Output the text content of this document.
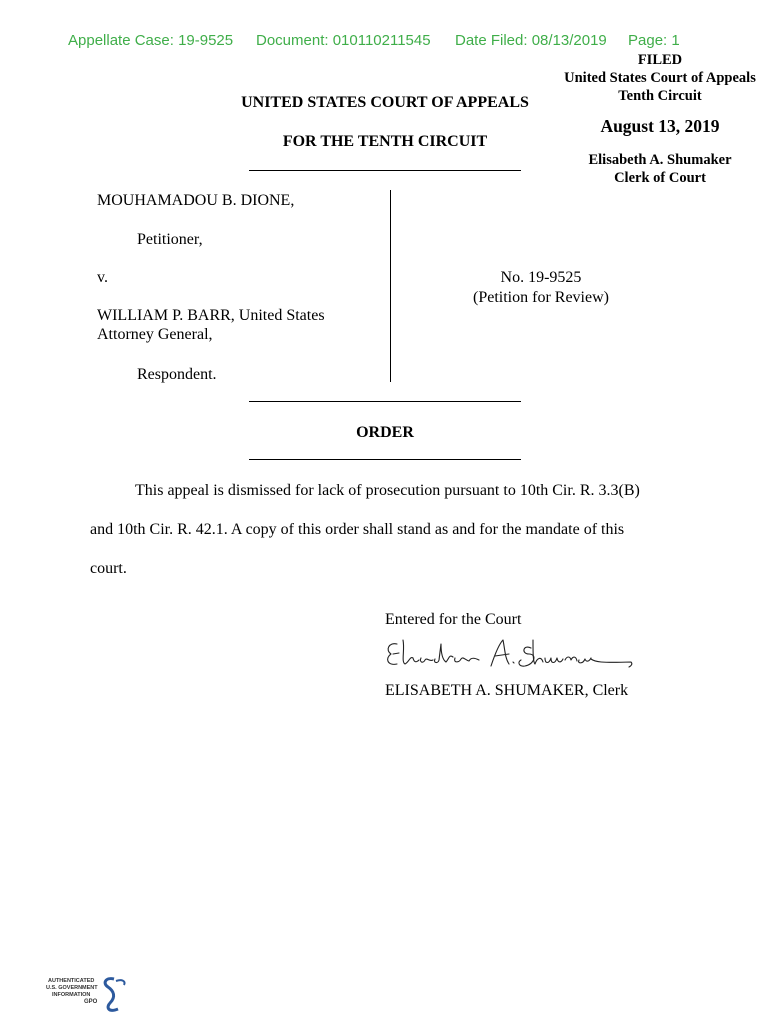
Appellate Case: 19-9525 Document: 010110211545 Date Filed: 08/13/2019 Page: 1
FILED
United States Court of Appeals
Tenth Circuit
August 13, 2019
Elisabeth A. Shumaker
Clerk of Court
UNITED STATES COURT OF APPEALS
FOR THE TENTH CIRCUIT
MOUHAMADOU B. DIONE,
Petitioner,
v.
WILLIAM P. BARR, United States
Attorney General,
Respondent.
No. 19-9525
(Petition for Review)
ORDER
This appeal is dismissed for lack of prosecution pursuant to 10th Cir. R. 3.3(B)
and 10th Cir. R. 42.1. A copy of this order shall stand as and for the mandate of this
court.
Entered for the Court
ELISABETH A. SHUMAKER, Clerk
AUTHENTICATED
U.S. GOVERNMENT
INFORMATION
GPO
